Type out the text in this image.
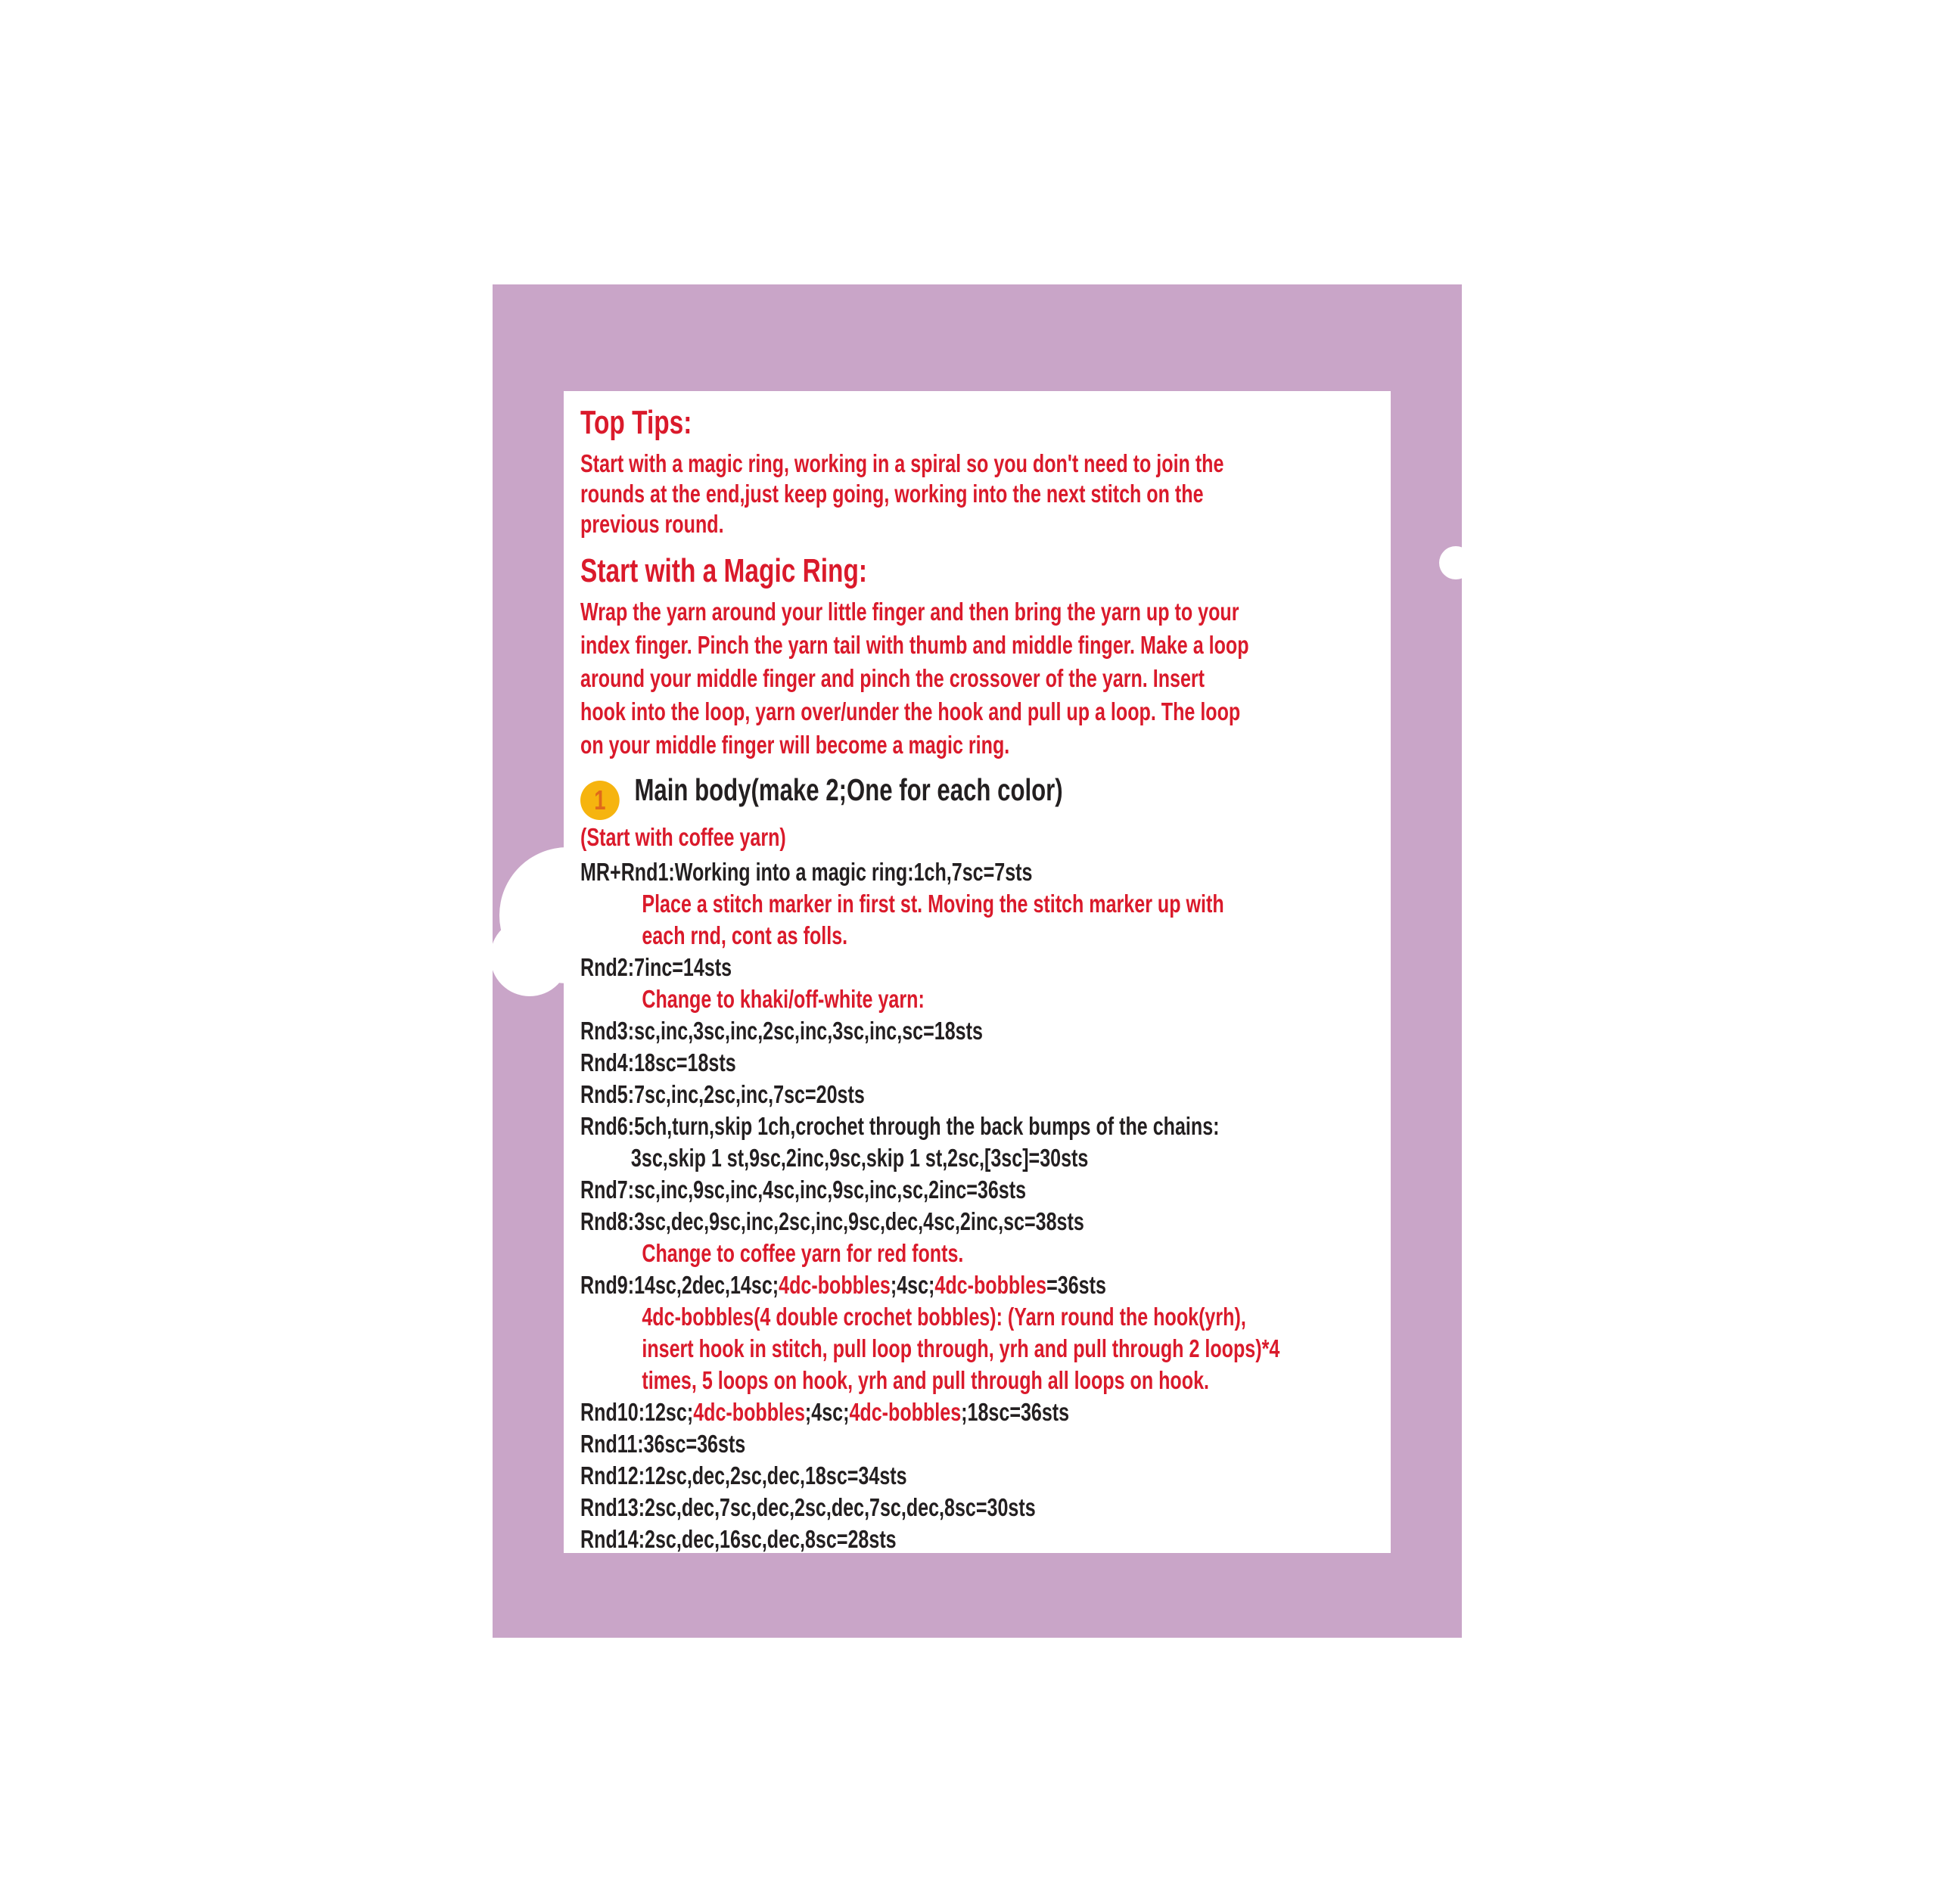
Top Tips:
Start with a magic ring, working in a spiral so you don't need to join the
rounds at the end,just keep going, working into the next stitch on the
previous round.
Start with a Magic Ring:
Wrap the yarn around your little finger and then bring the yarn up to your
index finger. Pinch the yarn tail with thumb and middle finger. Make a loop
around your middle finger and pinch the crossover of the yarn. Insert
hook into the loop, yarn over/under the hook and pull up a loop. The loop
on your middle finger will become a magic ring.
1 Main body(make 2;One for each color)
(Start with coffee yarn)
MR+Rnd1:Working into a magic ring:1ch,7sc=7sts
Place a stitch marker in first st. Moving the stitch marker up with
each rnd, cont as folls.
Rnd2:7inc=14sts
Change to khaki/off-white yarn:
Rnd3:sc,inc,3sc,inc,2sc,inc,3sc,inc,sc=18sts
Rnd4:18sc=18sts
Rnd5:7sc,inc,2sc,inc,7sc=20sts
Rnd6:5ch,turn,skip 1ch,crochet through the back bumps of the chains:
3sc,skip 1 st,9sc,2inc,9sc,skip 1 st,2sc,[3sc]=30sts
Rnd7:sc,inc,9sc,inc,4sc,inc,9sc,inc,sc,2inc=36sts
Rnd8:3sc,dec,9sc,inc,2sc,inc,9sc,dec,4sc,2inc,sc=38sts
Change to coffee yarn for red fonts.
Rnd9:14sc,2dec,14sc;4dc-bobbles;4sc;4dc-bobbles=36sts
4dc-bobbles(4 double crochet bobbles): (Yarn round the hook(yrh),
insert hook in stitch, pull loop through, yrh and pull through 2 loops)*4
times, 5 loops on hook, yrh and pull through all loops on hook.
Rnd10:12sc;4dc-bobbles;4sc;4dc-bobbles;18sc=36sts
Rnd11:36sc=36sts
Rnd12:12sc,dec,2sc,dec,18sc=34sts
Rnd13:2sc,dec,7sc,dec,2sc,dec,7sc,dec,8sc=30sts
Rnd14:2sc,dec,16sc,dec,8sc=28sts
05
